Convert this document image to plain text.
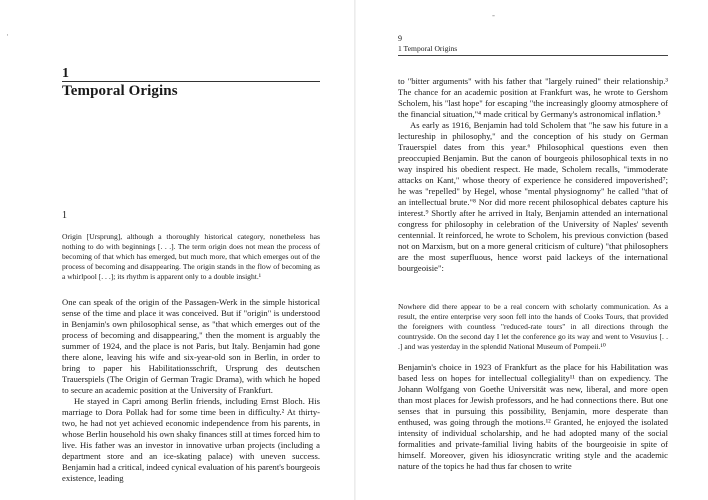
·
1
Temporal Origins
1
Origin [Ursprung], although a thoroughly historical category, nonetheless has nothing to do with beginnings [. . .]. The term origin does not mean the process of becoming of that which has emerged, but much more, that which emerges out of the process of becoming and disappearing. The origin stands in the flow of becoming as a whirlpool [. . .]; its rhythm is apparent only to a double insight.¹

One can speak of the origin of the Passagen-Werk in the simple historical sense of the time and place it was conceived. But if "origin" is understood in Benjamin's own philosophical sense, as "that which emerges out of the process of becoming and disappearing," then the moment is arguably the summer of 1924, and the place is not Paris, but Italy. Benjamin had gone there alone, leaving his wife and six-year-old son in Berlin, in order to bring to paper his Habilitationsschrift, Ursprung des deutschen Trauerspiels (The Origin of German Tragic Drama), with which he hoped to secure an academic position at the University of Frankfurt.

He stayed in Capri among Berlin friends, including Ernst Bloch. His marriage to Dora Pollak had for some time been in difficulty.² At thirty-two, he had not yet achieved economic independence from his parents, in whose Berlin household his own shaky finances still at times forced him to live. His father was an investor in innovative urban projects (including a department store and an ice-skating palace) with uneven success. Benjamin had a critical, indeed cynical evaluation of his parent's bourgeois existence, leading

-
9
1 Temporal Origins

to "bitter arguments" with his father that "largely ruined" their relationship.³ The chance for an academic position at Frankfurt was, he wrote to Gershom Scholem, his "last hope" for escaping "the increasingly gloomy atmosphere of the financial situation,"⁴ made critical by Germany's astronomical inflation.⁵

As early as 1916, Benjamin had told Scholem that "he saw his future in a lectureship in philosophy," and the conception of his study on German Trauerspiel dates from this year.⁶ Philosophical questions even then preoccupied Benjamin. But the canon of bourgeois philosophical texts in no way inspired his obedient respect. He made, Scholem recalls, "immoderate attacks on Kant," whose theory of experience he considered impoverished⁷; he was "repelled" by Hegel, whose "mental physiognomy" he called "that of an intellectual brute."⁸ Nor did more recent philosophical debates capture his interest.⁹ Shortly after he arrived in Italy, Benjamin attended an international congress for philosophy in celebration of the University of Naples' seventh centennial. It reinforced, he wrote to Scholem, his previous conviction (based not on Marxism, but on a more general criticism of culture) "that philosophers are the most superfluous, hence worst paid lackeys of the international bourgeoisie":

Nowhere did there appear to be a real concern with scholarly communication. As a result, the entire enterprise very soon fell into the hands of Cooks Tours, that provided the foreigners with countless "reduced-rate tours" in all directions through the countryside. On the second day I let the conference go its way and went to Vesuvius [. . .] and was yesterday in the splendid National Museum of Pompeii.¹⁰

Benjamin's choice in 1923 of Frankfurt as the place for his Habilitation was based less on hopes for intellectual collegiality¹¹ than on expediency. The Johann Wolfgang von Goethe Universität was new, liberal, and more open than most places for Jewish professors, and he had connections there. But one senses that in pursuing this possibility, Benjamin, more desperate than enthused, was going through the motions.¹² Granted, he enjoyed the isolated intensity of individual scholarship, and he had adopted many of the social formalities and private-familial living habits of the bourgeoisie in spite of himself. Moreover, given his idiosyncratic writing style and the academic nature of the topics he had thus far chosen to write
